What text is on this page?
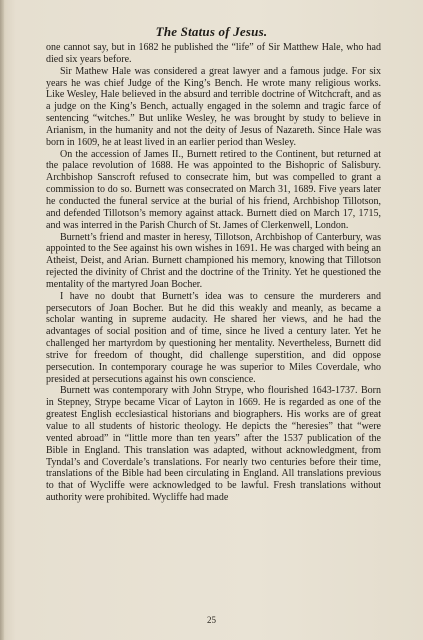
The Status of Jesus.

one cannot say, but in 1682 he published the “life” of Sir Matthew Hale, who had died six years before.

Sir Mathew Hale was considered a great lawyer and a famous judge. For six years he was chief Judge of the King’s Bench. He wrote many religious works. Like Wesley, Hale believed in the absurd and terrible doctrine of Witchcraft, and as a judge on the King’s Bench, actually engaged in the solemn and tragic farce of sentencing “witches.” But unlike Wesley, he was brought by study to believe in Arianism, in the humanity and not the deity of Jesus of Nazareth. Since Hale was born in 1609, he at least lived in an earlier period than Wesley.

On the accession of James II., Burnett retired to the Continent, but returned at the palace revolution of 1688. He was appointed to the Bishopric of Salisbury. Archbishop Sanscroft refused to consecrate him, but was compelled to grant a commission to do so. Burnett was consecrated on March 31, 1689. Five years later he conducted the funeral service at the burial of his friend, Archbishop Tillotson, and defended Tillotson’s memory against attack. Burnett died on March 17, 1715, and was interred in the Parish Church of St. James of Clerkenwell, London.

Burnett’s friend and master in heresy, Tillotson, Archbishop of Canterbury, was appointed to the See against his own wishes in 1691. He was charged with being an Atheist, Deist, and Arian. Burnett championed his memory, knowing that Tillotson rejected the divinity of Christ and the doctrine of the Trinity. Yet he questioned the mentality of the martyred Joan Bocher.

I have no doubt that Burnett’s idea was to censure the murderers and persecutors of Joan Bocher. But he did this weakly and meanly, as became a scholar wanting in supreme audacity. He shared her views, and he had the advantages of social position and of time, since he lived a century later. Yet he challenged her martyrdom by questioning her mentality. Nevertheless, Burnett did strive for freedom of thought, did challenge superstition, and did oppose persecution. In contemporary courage he was superior to Miles Coverdale, who presided at persecutions against his own conscience.

Burnett was contemporary with John Strype, who flourished 1643-1737. Born in Stepney, Strype became Vicar of Layton in 1669. He is regarded as one of the greatest English ecclesiastical historians and biographers. His works are of great value to all students of historic theology. He depicts the “heresies” that “were vented abroad” in “little more than ten years” after the 1537 publication of the Bible in England. This translation was adapted, without acknowledgment, from Tyndal’s and Coverdale’s translations. For nearly two centuries before their time, translations of the Bible had been circulating in England. All translations previous to that of Wycliffe were acknowledged to be lawful. Fresh translations without authority were prohibited. Wycliffe had made

25
